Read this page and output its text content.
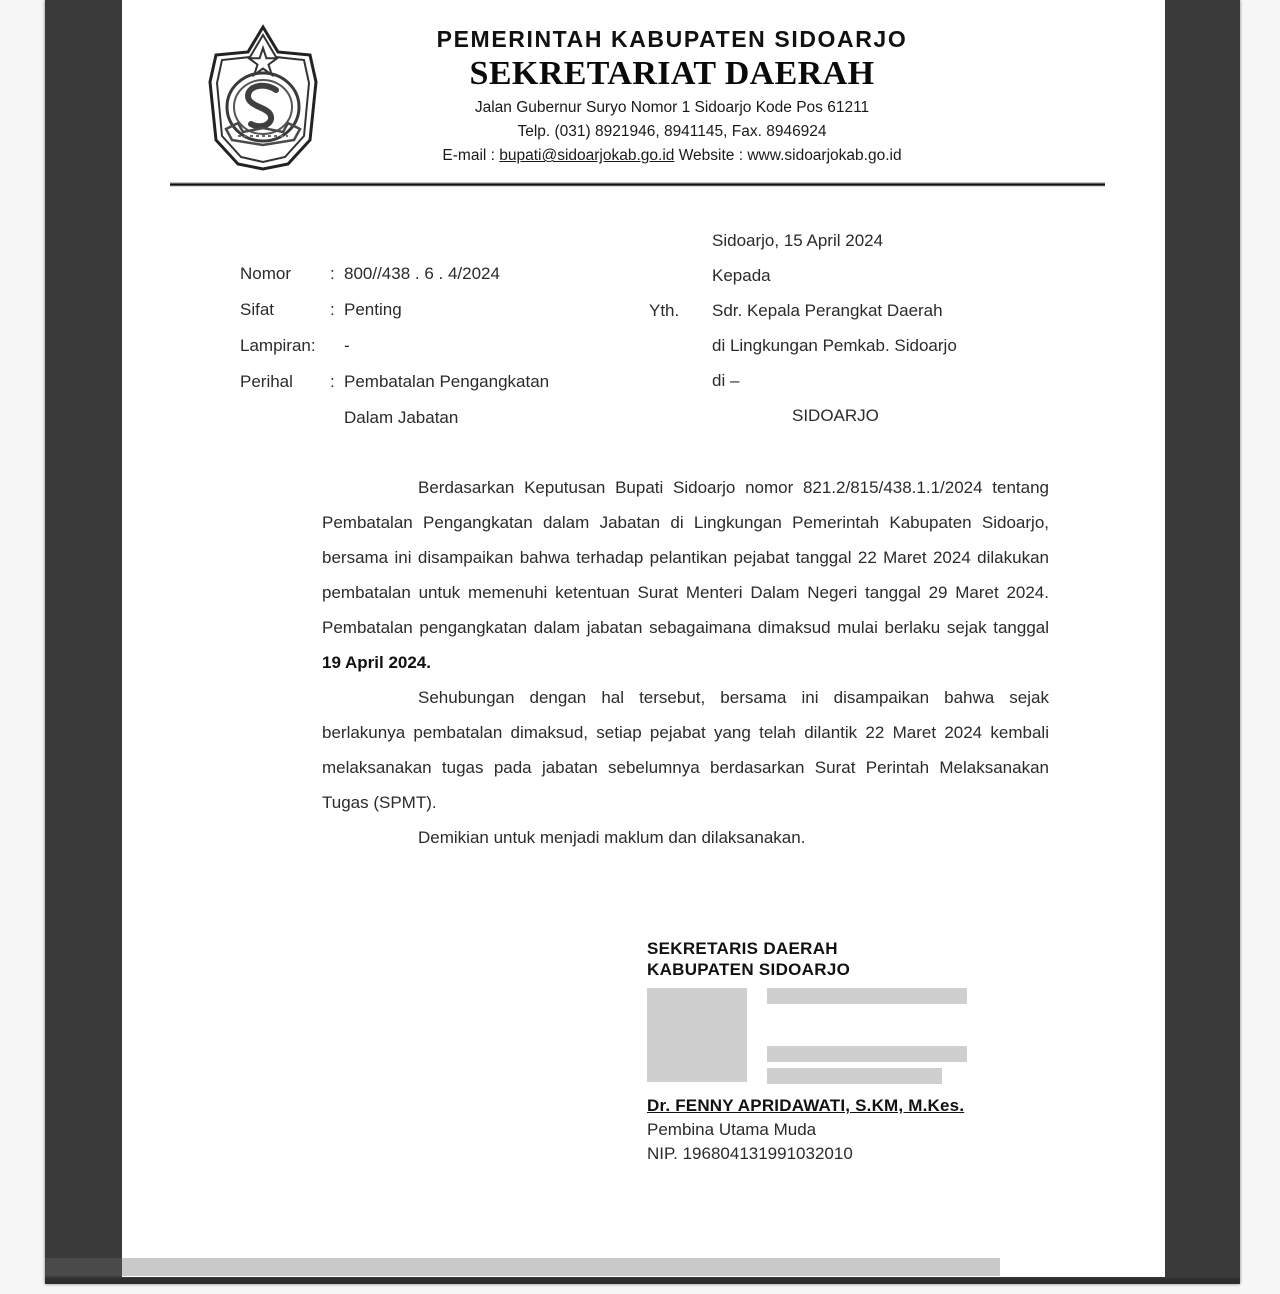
PEMERINTAH KABUPATEN SIDOARJO
SEKRETARIAT DAERAH
Jalan Gubernur Suryo Nomor 1 Sidoarjo Kode Pos 61211
Telp. (031) 8921946, 8941145, Fax. 8946924
E-mail : bupati@sidoarjokab.go.id Website : www.sidoarjokab.go.id
Nomor	: 800//438 . 6 . 4/2024
Sifat	: Penting
Lampiran:	-
Perihal	: Pembatalan Pengangkatan
Dalam Jabatan
Yth.
Sidoarjo, 15 April 2024
Kepada
Sdr. Kepala Perangkat Daerah
di Lingkungan Pemkab. Sidoarjo
di –
SIDOARJO

Berdasarkan Keputusan Bupati Sidoarjo nomor 821.2/815/438.1.1/2024 tentang Pembatalan Pengangkatan dalam Jabatan di Lingkungan Pemerintah Kabupaten Sidoarjo, bersama ini disampaikan bahwa terhadap pelantikan pejabat tanggal 22 Maret 2024 dilakukan pembatalan untuk memenuhi ketentuan Surat Menteri Dalam Negeri tanggal 29 Maret 2024. Pembatalan pengangkatan dalam jabatan sebagaimana dimaksud mulai berlaku sejak tanggal 19 April 2024.

Sehubungan dengan hal tersebut, bersama ini disampaikan bahwa sejak berlakunya pembatalan dimaksud, setiap pejabat yang telah dilantik 22 Maret 2024 kembali melaksanakan tugas pada jabatan sebelumnya berdasarkan Surat Perintah Melaksanakan Tugas (SPMT).

Demikian untuk menjadi maklum dan dilaksanakan.

SEKRETARIS DAERAH
KABUPATEN SIDOARJO
Dr. FENNY APRIDAWATI, S.KM, M.Kes.
Pembina Utama Muda
NIP. 196804131991032010
